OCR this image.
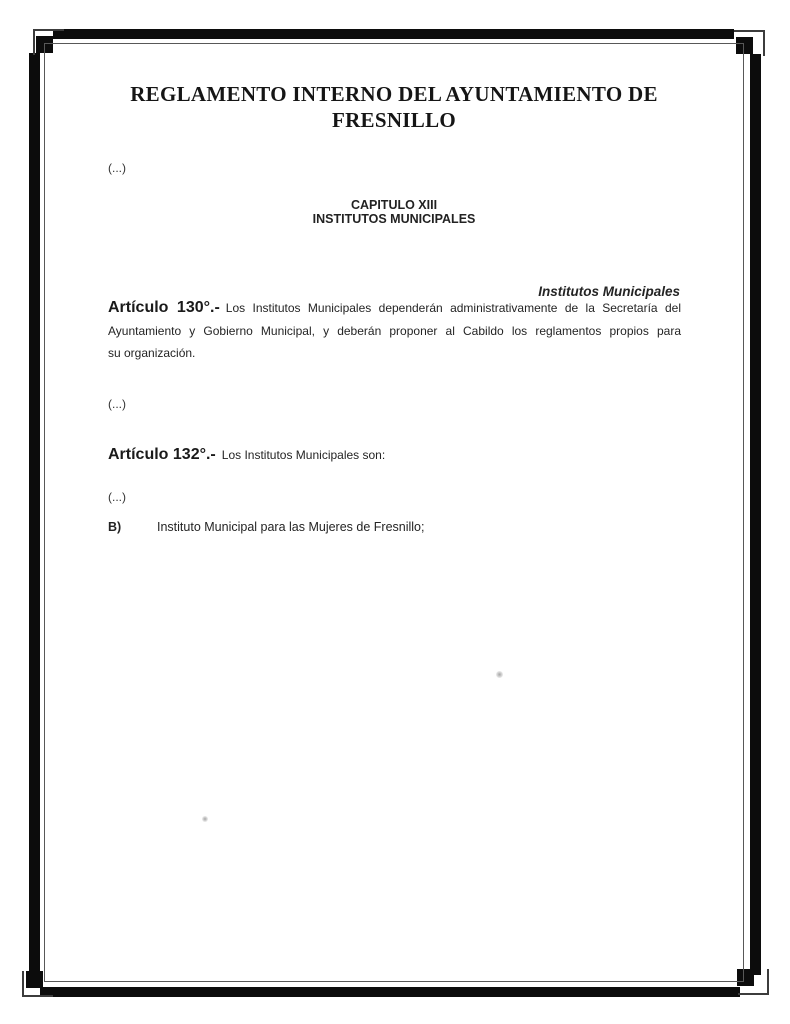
REGLAMENTO INTERNO DEL AYUNTAMIENTO DE
FRESNILLO
(...)
CAPITULO XIII
INSTITUTOS MUNICIPALES
Institutos Municipales
Artículo 130°.- Los Institutos Municipales dependerán administrativamente de la Secretaría del
Ayuntamiento y Gobierno Municipal, y deberán proponer al Cabildo los reglamentos propios para
su organización.
(...)
Artículo 132°.- Los Institutos Municipales son:
(...)
B)	Instituto Municipal para las Mujeres de Fresnillo;
